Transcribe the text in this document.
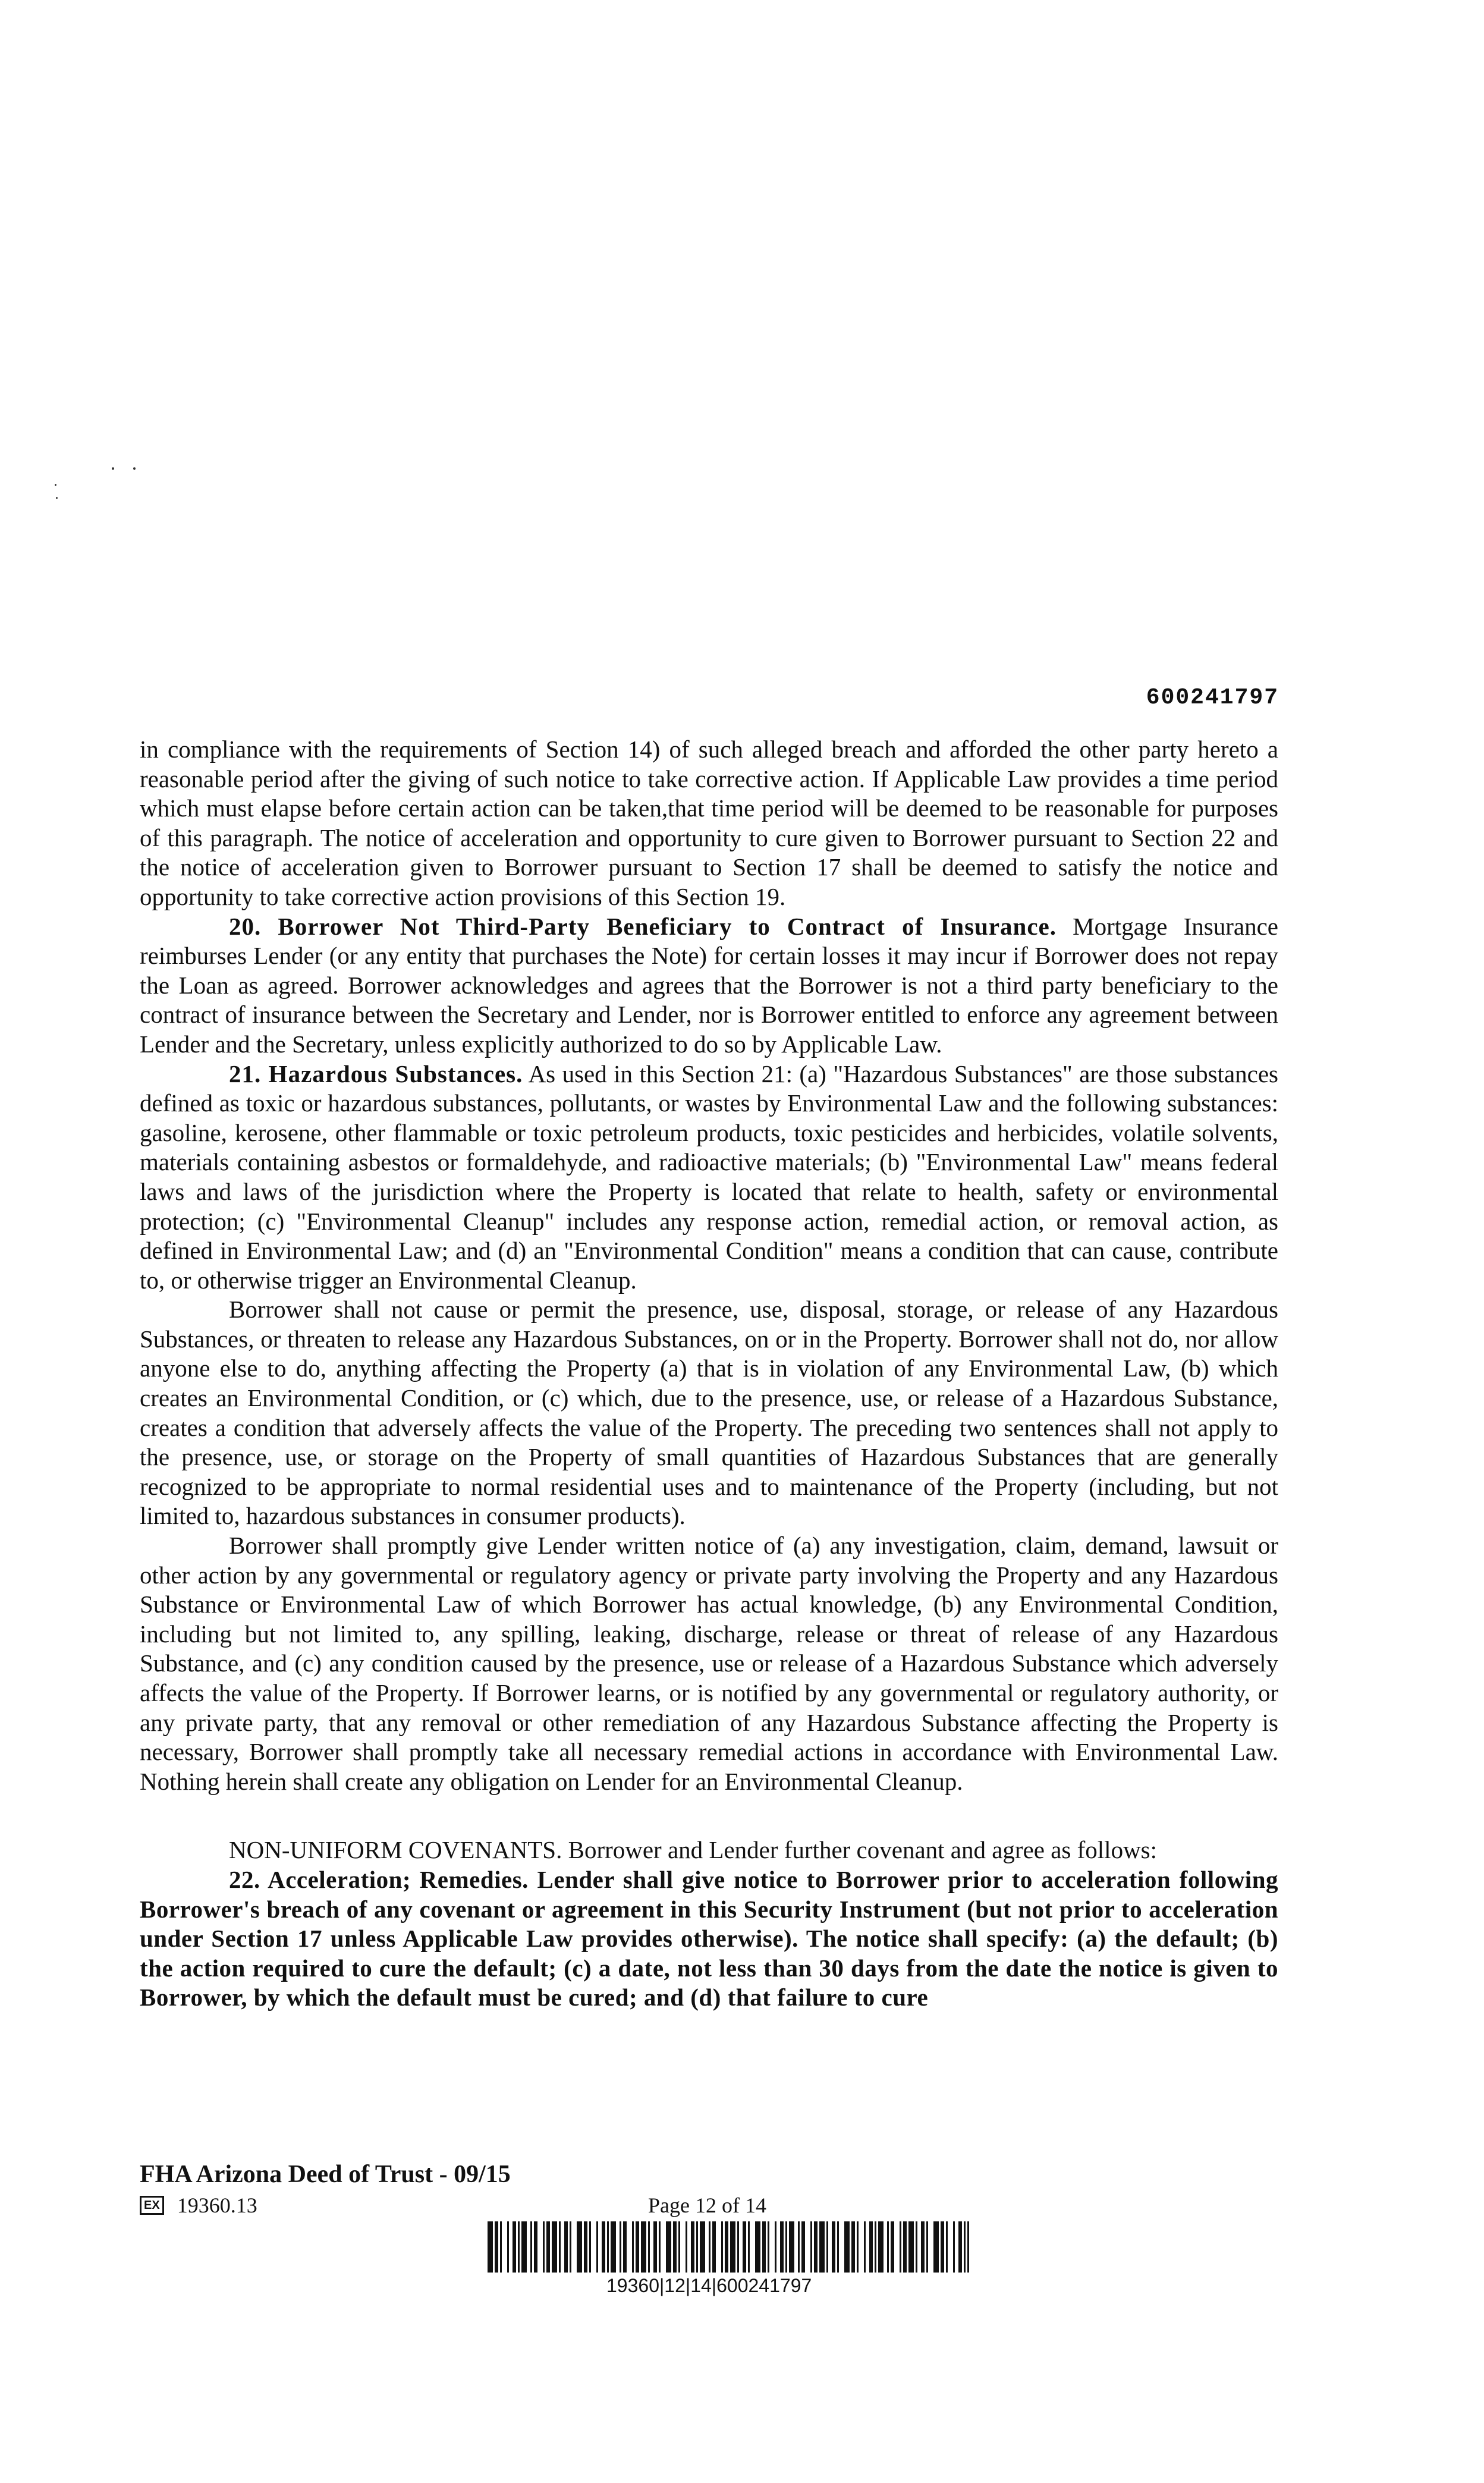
600241797

in compliance with the requirements of Section 14) of such alleged breach and afforded the other party hereto a reasonable period after the giving of such notice to take corrective action. If Applicable Law provides a time period which must elapse before certain action can be taken,that time period will be deemed to be reasonable for purposes of this paragraph. The notice of acceleration and opportunity to cure given to Borrower pursuant to Section 22 and the notice of acceleration given to Borrower pursuant to Section 17 shall be deemed to satisfy the notice and opportunity to take corrective action provisions of this Section 19.

20. Borrower Not Third-Party Beneficiary to Contract of Insurance. Mortgage Insurance reimburses Lender (or any entity that purchases the Note) for certain losses it may incur if Borrower does not repay the Loan as agreed. Borrower acknowledges and agrees that the Borrower is not a third party beneficiary to the contract of insurance between the Secretary and Lender, nor is Borrower entitled to enforce any agreement between Lender and the Secretary, unless explicitly authorized to do so by Applicable Law.

21. Hazardous Substances. As used in this Section 21: (a) "Hazardous Substances" are those substances defined as toxic or hazardous substances, pollutants, or wastes by Environmental Law and the following substances: gasoline, kerosene, other flammable or toxic petroleum products, toxic pesticides and herbicides, volatile solvents, materials containing asbestos or formaldehyde, and radioactive materials; (b) "Environmental Law" means federal laws and laws of the jurisdiction where the Property is located that relate to health, safety or environmental protection; (c) "Environmental Cleanup" includes any response action, remedial action, or removal action, as defined in Environmental Law; and (d) an "Environmental Condition" means a condition that can cause, contribute to, or otherwise trigger an Environmental Cleanup.

Borrower shall not cause or permit the presence, use, disposal, storage, or release of any Hazardous Substances, or threaten to release any Hazardous Substances, on or in the Property. Borrower shall not do, nor allow anyone else to do, anything affecting the Property (a) that is in violation of any Environmental Law, (b) which creates an Environmental Condition, or (c) which, due to the presence, use, or release of a Hazardous Substance, creates a condition that adversely affects the value of the Property. The preceding two sentences shall not apply to the presence, use, or storage on the Property of small quantities of Hazardous Substances that are generally recognized to be appropriate to normal residential uses and to maintenance of the Property (including, but not limited to, hazardous substances in consumer products).

Borrower shall promptly give Lender written notice of (a) any investigation, claim, demand, lawsuit or other action by any governmental or regulatory agency or private party involving the Property and any Hazardous Substance or Environmental Law of which Borrower has actual knowledge, (b) any Environmental Condition, including but not limited to, any spilling, leaking, discharge, release or threat of release of any Hazardous Substance, and (c) any condition caused by the presence, use or release of a Hazardous Substance which adversely affects the value of the Property. If Borrower learns, or is notified by any governmental or regulatory authority, or any private party, that any removal or other remediation of any Hazardous Substance affecting the Property is necessary, Borrower shall promptly take all necessary remedial actions in accordance with Environmental Law. Nothing herein shall create any obligation on Lender for an Environmental Cleanup.

NON-UNIFORM COVENANTS. Borrower and Lender further covenant and agree as follows:

22. Acceleration; Remedies. Lender shall give notice to Borrower prior to acceleration following Borrower's breach of any covenant or agreement in this Security Instrument (but not prior to acceleration under Section 17 unless Applicable Law provides otherwise). The notice shall specify: (a) the default; (b) the action required to cure the default; (c) a date, not less than 30 days from the date the notice is given to Borrower, by which the default must be cured; and (d) that failure to cure

FHA Arizona Deed of Trust - 09/15
EX 19360.13	Page 12 of 14
19360|12|14|600241797
